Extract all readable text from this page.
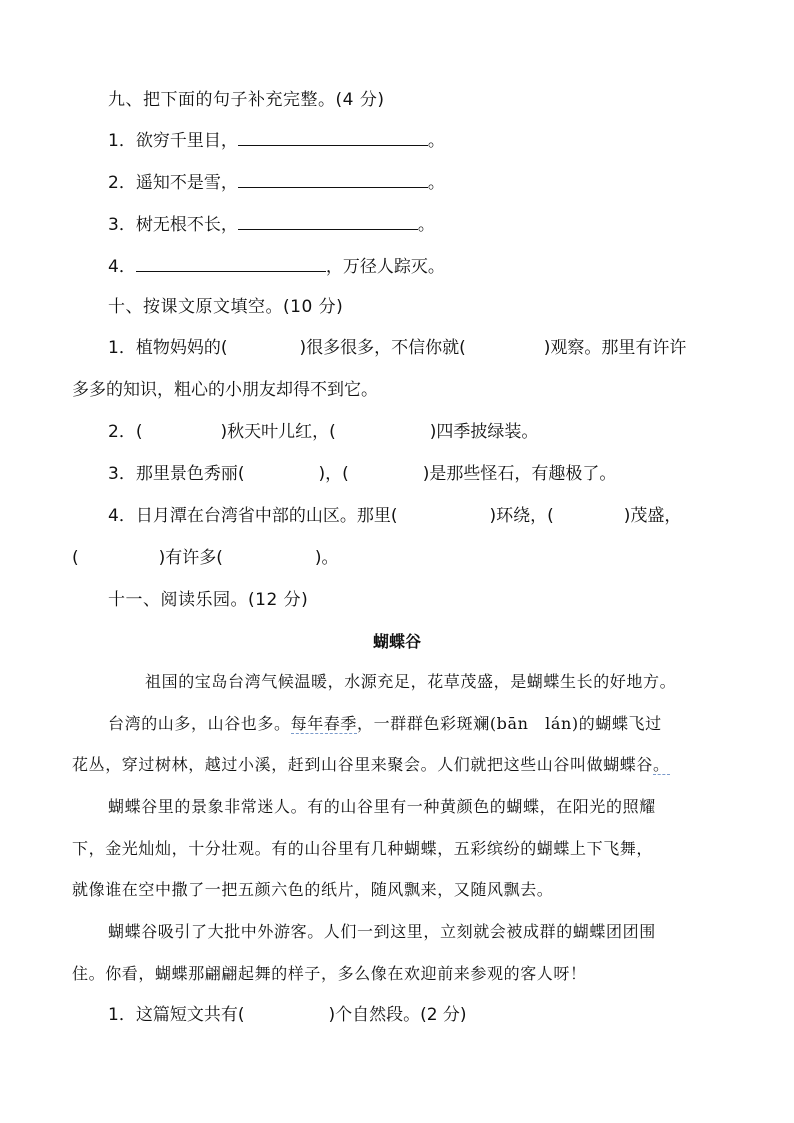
九、把下面的句子补充完整。(4 分)
1．欲穷千里目，	。
2．遥知不是雪，	。
3．树无根不长，	。
4．	，万径人踪灭。
十、按课文原文填空。(10 分)
1．植物妈妈的(	)很多很多，不信你就(	)观察。那里有许许
多多的知识，粗心的小朋友却得不到它。
2．(	)秋天叶儿红，(	)四季披绿装。
3．那里景色秀丽(	)，(	)是那些怪石，有趣极了。
4．日月潭在台湾省中部的山区。那里(	)环绕，(	)茂盛，
(	)有许多(	)。
十一、阅读乐园。(12 分)
蝴蝶谷
祖国的宝岛台湾气候温暖，水源充足，花草茂盛，是蝴蝶生长的好地方。
台湾的山多，山谷也多。每年春季，一群群色彩斑斓(bān　lán)的蝴蝶飞过
花丛，穿过树林，越过小溪，赶到山谷里来聚会。人们就把这些山谷叫做蝴蝶谷。
蝴蝶谷里的景象非常迷人。有的山谷里有一种黄颜色的蝴蝶，在阳光的照耀
下，金光灿灿，十分壮观。有的山谷里有几种蝴蝶，五彩缤纷的蝴蝶上下飞舞，
就像谁在空中撒了一把五颜六色的纸片，随风飘来，又随风飘去。
蝴蝶谷吸引了大批中外游客。人们一到这里，立刻就会被成群的蝴蝶团团围
住。你看，蝴蝶那翩翩起舞的样子，多么像在欢迎前来参观的客人呀！
1．这篇短文共有(	)个自然段。(2 分)
